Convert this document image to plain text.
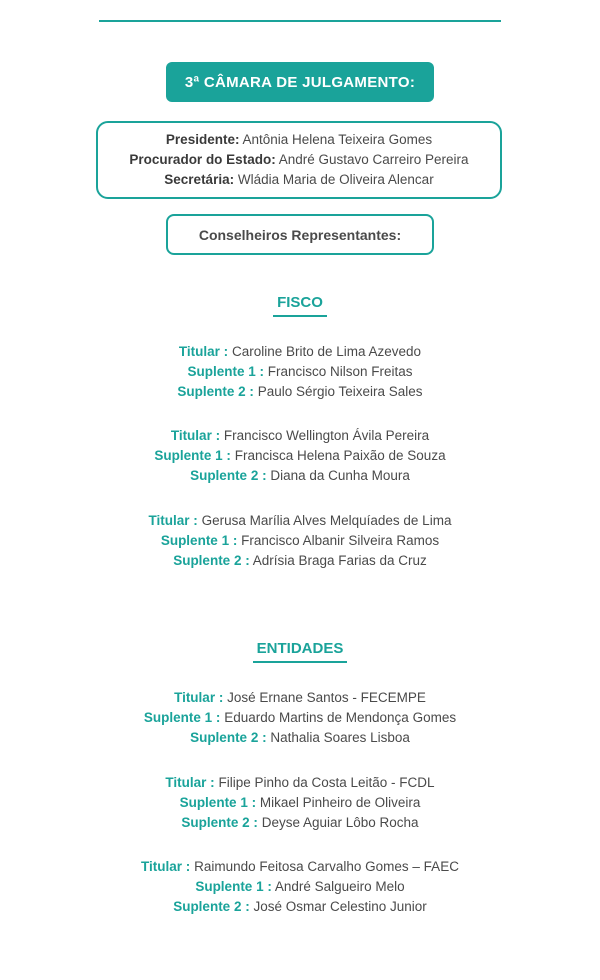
3ª CÂMARA DE JULGAMENTO:
Presidente: Antônia Helena Teixeira Gomes
Procurador do Estado: André Gustavo Carreiro Pereira
Secretária: Wládia Maria de Oliveira Alencar
Conselheiros Representantes:
FISCO
Titular : Caroline Brito de Lima Azevedo
Suplente 1 : Francisco Nilson Freitas
Suplente 2 : Paulo Sérgio Teixeira Sales
Titular : Francisco Wellington Ávila Pereira
Suplente 1 : Francisca Helena Paixão de Souza
Suplente 2 : Diana da Cunha Moura
Titular : Gerusa Marília Alves Melquíades de Lima
Suplente 1 : Francisco Albanir Silveira Ramos
Suplente 2 : Adrísia Braga Farias da Cruz
ENTIDADES
Titular : José Ernane Santos - FECEMPE
Suplente 1 : Eduardo Martins de Mendonça Gomes
Suplente 2 : Nathalia Soares Lisboa
Titular : Filipe Pinho da Costa Leitão - FCDL
Suplente 1 : Mikael Pinheiro de Oliveira
Suplente 2 : Deyse Aguiar Lôbo Rocha
Titular : Raimundo Feitosa Carvalho Gomes – FAEC
Suplente 1 : André Salgueiro Melo
Suplente 2 : José Osmar Celestino Junior
